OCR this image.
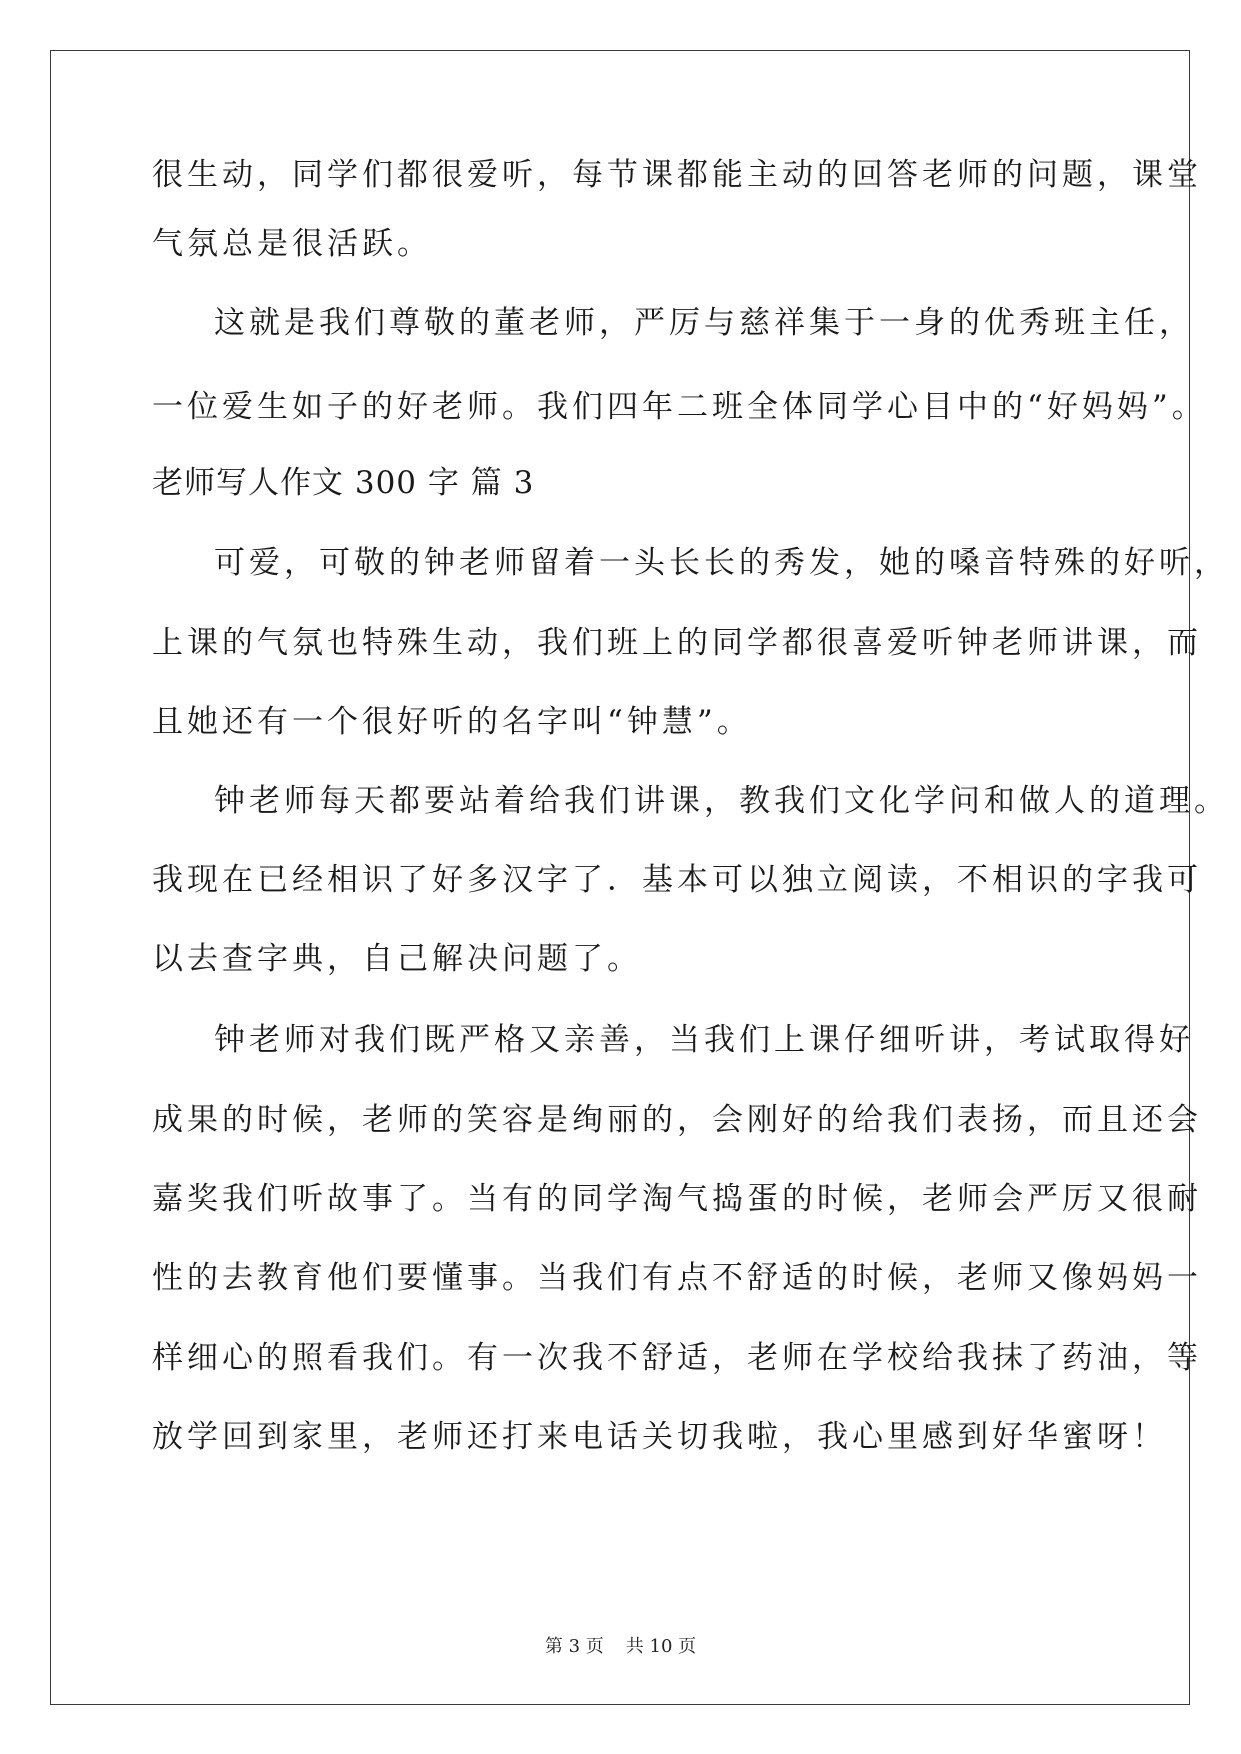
很生动，同学们都很爱听，每节课都能主动的回答老师的问题，课堂
气氛总是很活跃。
这就是我们尊敬的董老师，严厉与慈祥集于一身的优秀班主任，
一位爱生如子的好老师。我们四年二班全体同学心目中的“好妈妈”。
老师写人作文 300 字 篇 3
可爱，可敬的钟老师留着一头长长的秀发，她的嗓音特殊的好听，
上课的气氛也特殊生动，我们班上的同学都很喜爱听钟老师讲课，而
且她还有一个很好听的名字叫“钟慧”。
钟老师每天都要站着给我们讲课，教我们文化学问和做人的道理。
我现在已经相识了好多汉字了．基本可以独立阅读，不相识的字我可
以去查字典，自己解决问题了。
钟老师对我们既严格又亲善，当我们上课仔细听讲，考试取得好
成果的时候，老师的笑容是绚丽的，会刚好的给我们表扬，而且还会
嘉奖我们听故事了。当有的同学淘气捣蛋的时候，老师会严厉又很耐
性的去教育他们要懂事。当我们有点不舒适的时候，老师又像妈妈一
样细心的照看我们。有一次我不舒适，老师在学校给我抹了药油，等
放学回到家里，老师还打来电话关切我啦，我心里感到好华蜜呀！
第 3 页 共 10 页
